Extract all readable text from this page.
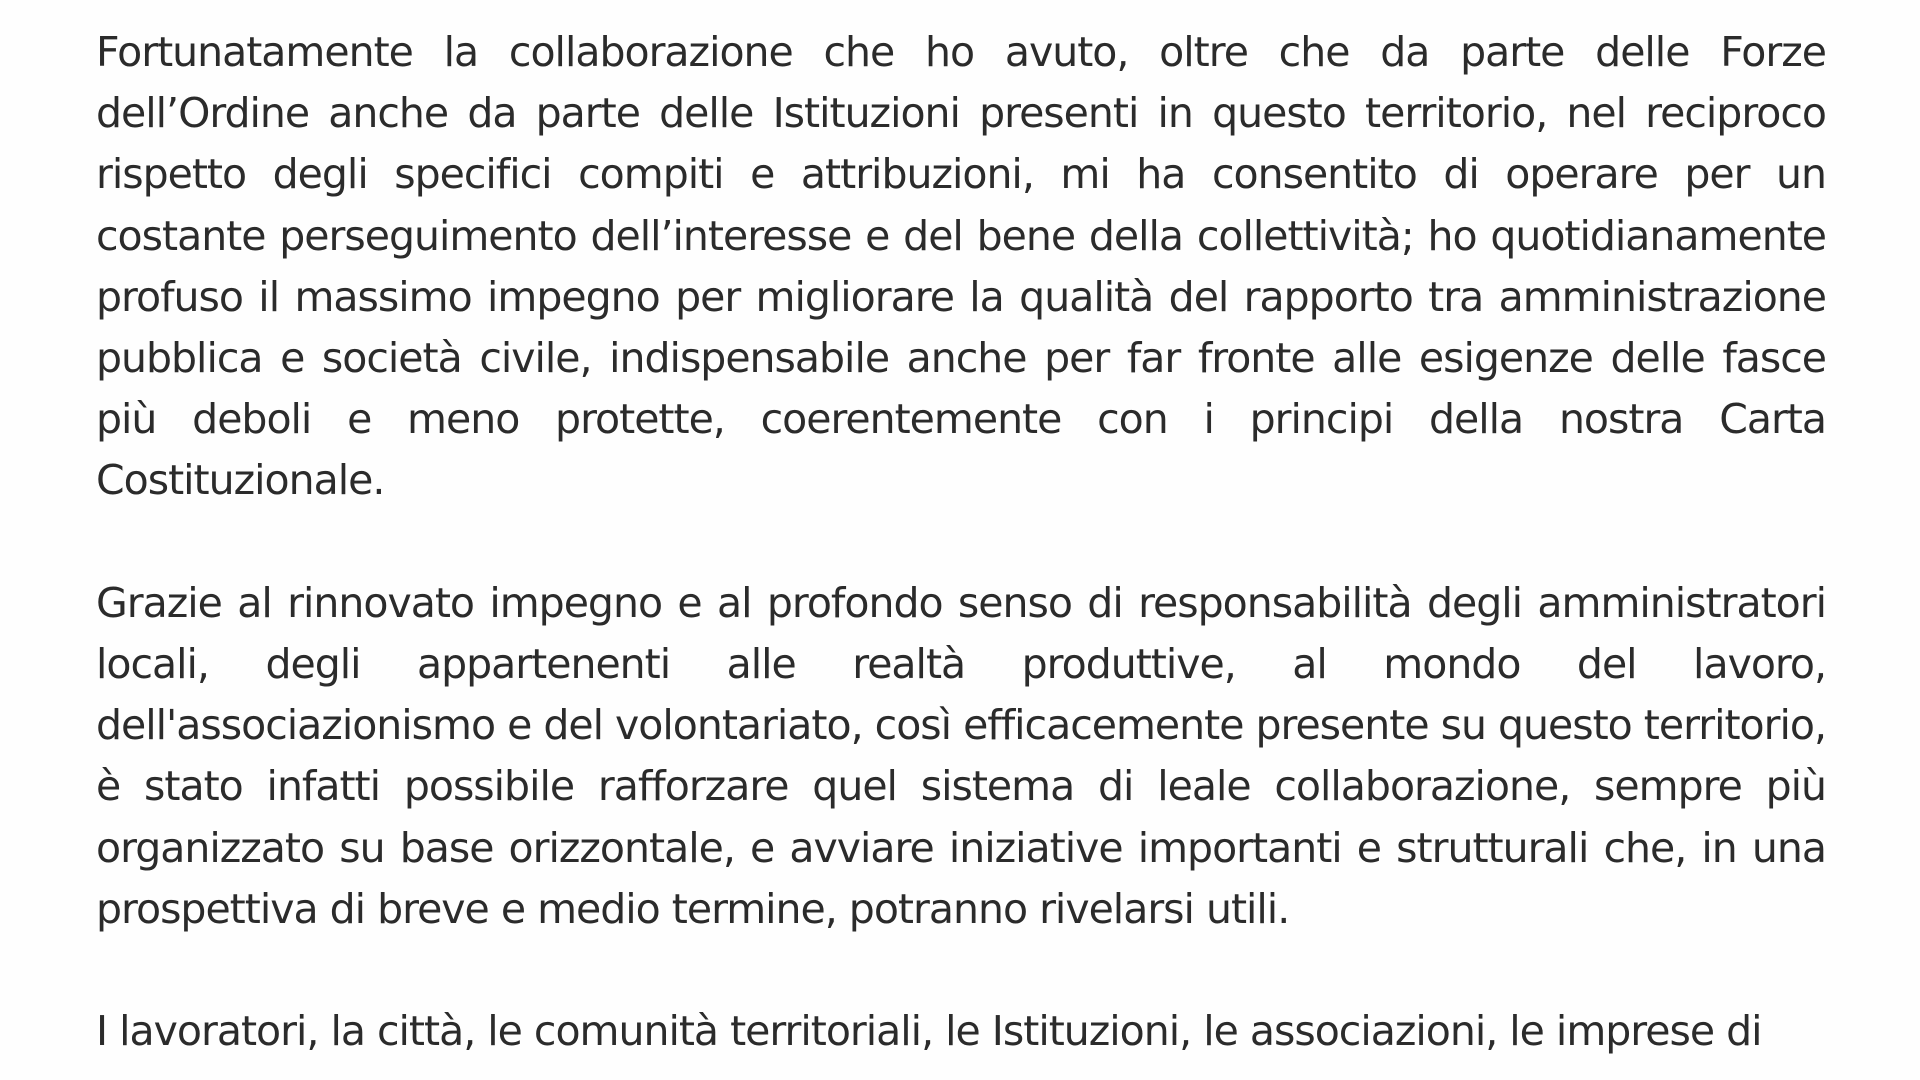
Fortunatamente la collaborazione che ho avuto, oltre che da parte delle Forze dell’Ordine anche da parte delle Istituzioni presenti in questo territorio, nel reciproco rispetto degli specifici compiti e attribuzioni, mi ha consentito di operare per un costante perseguimento dell’interesse e del bene della collettività; ho quotidianamente profuso il massimo impegno per migliorare la qualità del rapporto tra amministrazione pubblica e società civile, indispensabile anche per far fronte alle esigenze delle fasce più deboli e meno protette, coerentemente con i principi della nostra Carta Costituzionale.

Grazie al rinnovato impegno e al profondo senso di responsabilità degli amministratori locali, degli appartenenti alle realtà produttive, al mondo del lavoro, dell'associazionismo e del volontariato, così efficacemente presente su questo territorio, è stato infatti possibile rafforzare quel sistema di leale collaborazione, sempre più organizzato su base orizzontale, e avviare iniziative importanti e strutturali che, in una prospettiva di breve e medio termine, potranno rivelarsi utili.

I lavoratori, la città, le comunità territoriali, le Istituzioni, le associazioni, le imprese di
